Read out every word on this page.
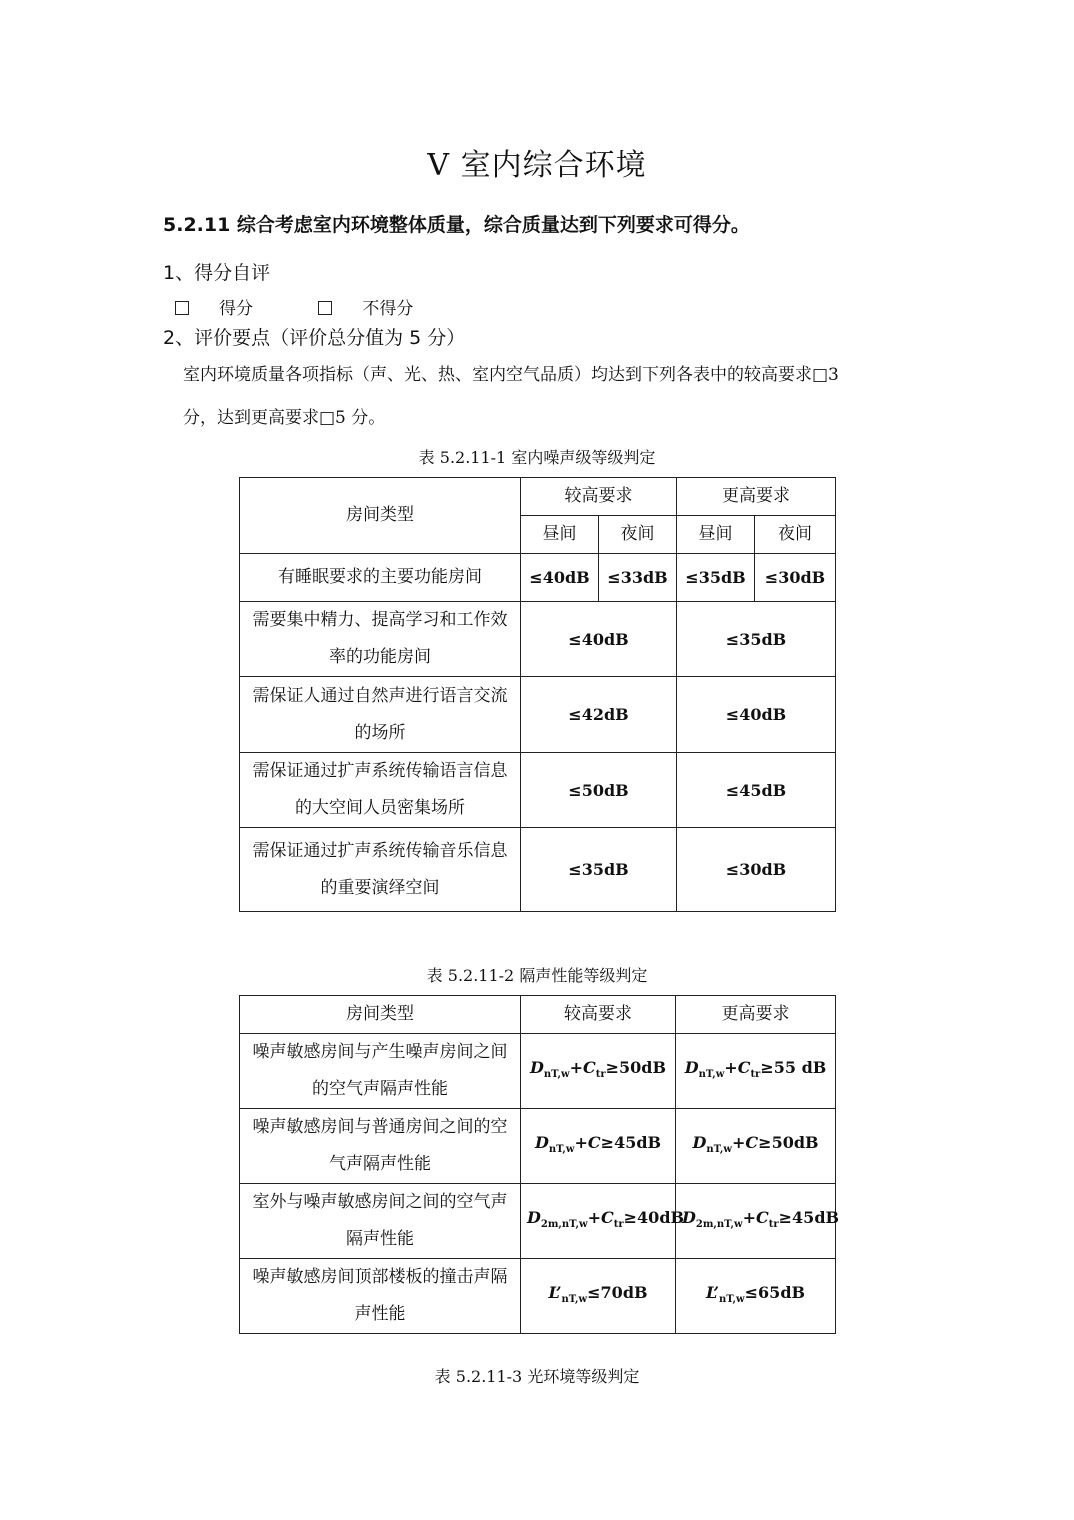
Ⅴ 室内综合环境
5.2.11 综合考虑室内环境整体质量，综合质量达到下列要求可得分。
1、得分自评
得分	不得分
2、评价要点（评价总分值为 5 分）
室内环境质量各项指标（声、光、热、室内空气品质）均达到下列各表中的较高要求□3
分，达到更高要求□5 分。
表 5.2.11-1 室内噪声级等级判定
房间类型	较高要求		更高要求	
	昼间	夜间	昼间	夜间
有睡眠要求的主要功能房间	≤40dB	≤33dB	≤35dB	≤30dB
需要集中精力、提高学习和工作效率的功能房间	≤40dB		≤35dB	
需保证人通过自然声进行语言交流的场所	≤42dB		≤40dB	
需保证通过扩声系统传输语言信息的大空间人员密集场所	≤50dB		≤45dB	
需保证通过扩声系统传输音乐信息的重要演绎空间	≤35dB		≤30dB	
表 5.2.11-2 隔声性能等级判定
房间类型	较高要求	更高要求
噪声敏感房间与产生噪声房间之间的空气声隔声性能	$D_{nT,w}+C_{tr}\ge 50dB$	$D_{nT,w}+C_{tr}\ge 55$ dB
噪声敏感房间与普通房间之间的空气声隔声性能	$D_{nT,w}+C\ge 45dB$	$D_{nT,w}+C\ge 50dB$
室外与噪声敏感房间之间的空气声隔声性能	$D_{2m,nT,w}+C_{tr}\ge 40dB$	$D_{2m,nT,w}+C_{tr}\ge 45dB$
噪声敏感房间顶部楼板的撞击声隔声性能	$L’_{nT,w}\le 70dB$	$L’_{nT,w}\le 65dB$
表 5.2.11-3 光环境等级判定
